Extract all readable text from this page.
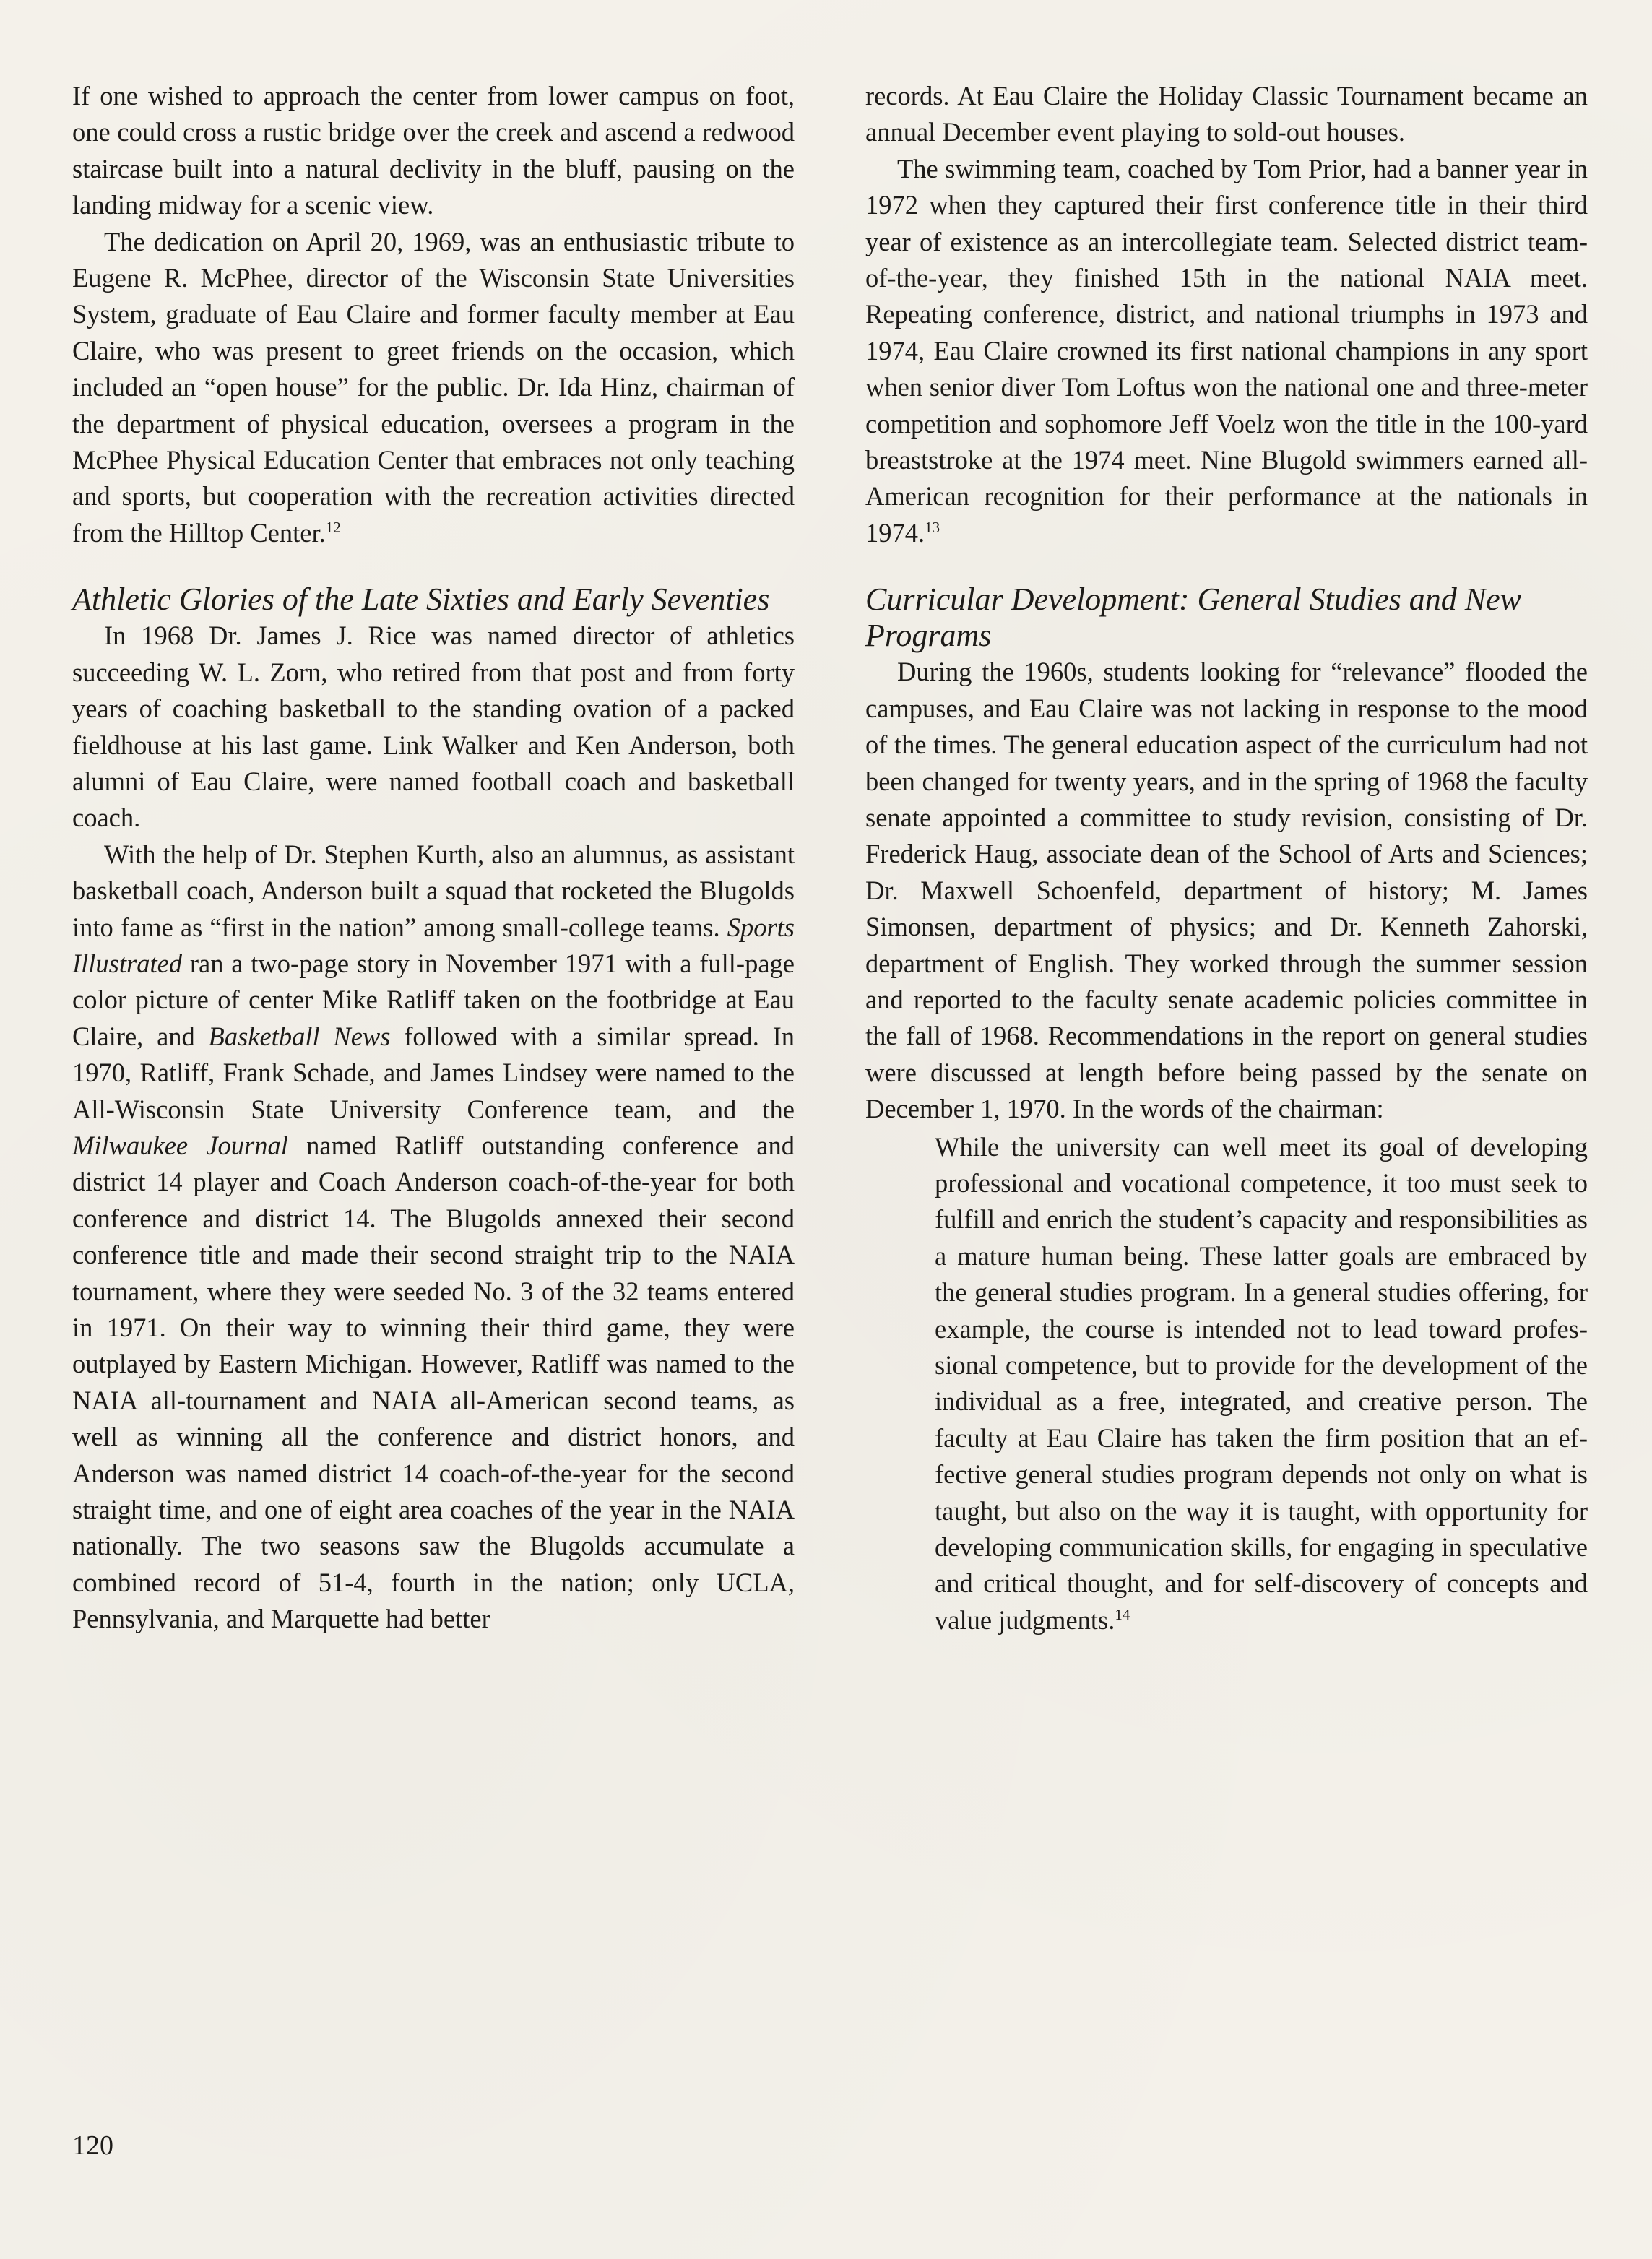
If one wished to approach the center from lower campus on foot, one could cross a rustic bridge over the creek and ascend a redwood staircase built into a natural declivity in the bluff, pausing on the landing midway for a scenic view.

The dedication on April 20, 1969, was an enthusiastic tribute to Eugene R. McPhee, director of the Wisconsin State Universities System, graduate of Eau Claire and former faculty member at Eau Claire, who was present to greet friends on the occasion, which included an “open house” for the public. Dr. Ida Hinz, chairman of the department of physical education, oversees a program in the McPhee Physical Education Center that embraces not only teaching and sports, but cooperation with the recreation activities directed from the Hilltop Center.$^{12}$

Athletic Glories of the Late Sixties and Early Seventies

In 1968 Dr. James J. Rice was named director of athletics succeeding W. L. Zorn, who retired from that post and from forty years of coaching basketball to the standing ovation of a packed fieldhouse at his last game. Link Walker and Ken Anderson, both alumni of Eau Claire, were named football coach and basketball coach.

With the help of Dr. Stephen Kurth, also an alumnus, as assistant basketball coach, Anderson built a squad that rocketed the Blugolds into fame as “first in the nation” among small-college teams. Sports Illustrated ran a two-page story in November 1971 with a full-page color picture of center Mike Ratliff taken on the footbridge at Eau Claire, and Basketball News followed with a similar spread. In 1970, Ratliff, Frank Schade, and James Lindsey were named to the All-Wisconsin State University Conference team, and the Milwaukee Journal named Ratliff outstanding conference and district 14 player and Coach Anderson coach-of-the-year for both conference and district 14. The Blugolds annexed their second conference title and made their second straight trip to the NAIA tournament, where they were seeded No. 3 of the 32 teams entered in 1971. On their way to winning their third game, they were outplayed by Eastern Michigan. However, Ratliff was named to the NAIA all-tournament and NAIA all-American second teams, as well as winning all the conference and district honors, and Anderson was named district 14 coach-of-the-year for the second straight time, and one of eight area coaches of the year in the NAIA nationally. The two seasons saw the Blugolds accumulate a combined record of 51-4, fourth in the nation; only UCLA, Pennsylvania, and Marquette had better

records. At Eau Claire the Holiday Classic Tournament became an annual December event playing to sold-out houses.

The swimming team, coached by Tom Prior, had a banner year in 1972 when they captured their first conference title in their third year of existence as an intercollegiate team. Selected district team-of-the-year, they finished 15th in the national NAIA meet. Repeating conference, district, and national triumphs in 1973 and 1974, Eau Claire crowned its first national champions in any sport when senior diver Tom Loftus won the national one and three-meter competition and sophomore Jeff Voelz won the title in the 100-yard breaststroke at the 1974 meet. Nine Blugold swimmers earned all-American recognition for their performance at the nationals in 1974.13

Curricular Development: General Studies and New Programs

During the 1960s, students looking for “relevance” flooded the campuses, and Eau Claire was not lacking in response to the mood of the times. The general education aspect of the curriculum had not been changed for twenty years, and in the spring of 1968 the faculty senate appointed a committee to study revision, consisting of Dr. Frederick Haug, associate dean of the School of Arts and Sciences; Dr. Maxwell Schoenfeld, department of history; M. James Simonsen, department of physics; and Dr. Kenneth Zahorski, department of English. They worked through the summer session and reported to the faculty senate academic policies committee in the fall of 1968. Recommendations in the report on general studies were discussed at length before being passed by the senate on December 1, 1970. In the words of the chairman:

While the university can well meet its goal of developing professional and vocational competence, it too must seek to fulfill and enrich the student’s capacity and responsibilities as a mature human being. These latter goals are embraced by the general studies program. In a general studies offering, for example, the course is intended not to lead toward professional competence, but to provide for the development of the individual as a free, integrated, and creative person. The faculty at Eau Claire has taken the firm position that an effective general studies program depends not only on what is taught, but also on the way it is taught, with opportunity for developing communication skills, for engaging in speculative and critical thought, and for self-discovery of concepts and value judgments.$^{14}$

120
